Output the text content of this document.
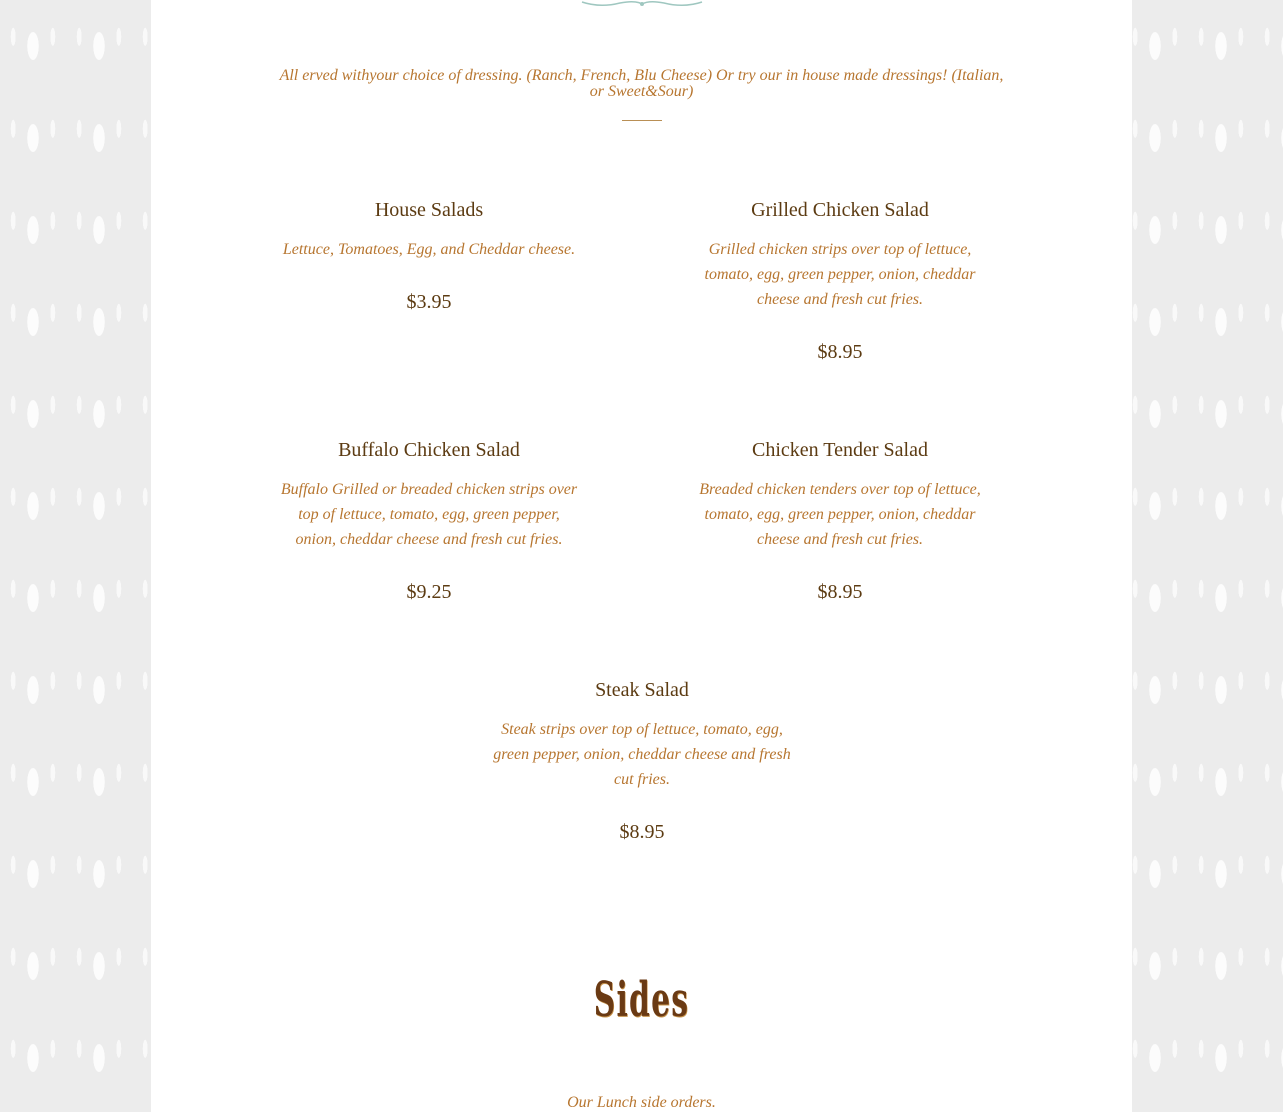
All erved withyour choice of dressing. (Ranch, French, Blu Cheese) Or try our in house made dressings! (Italian, or Sweet&Sour)
House Salads

Lettuce, Tomatoes, Egg, and Cheddar cheese.

$3.95
Grilled Chicken Salad

Grilled chicken strips over top of lettuce, tomato, egg, green pepper, onion, cheddar cheese and fresh cut fries.

$8.95
Buffalo Chicken Salad

Buffalo Grilled or breaded chicken strips over top of lettuce, tomato, egg, green pepper, onion, cheddar cheese and fresh cut fries.

$9.25
Chicken Tender Salad

Breaded chicken tenders over top of lettuce, tomato, egg, green pepper, onion, cheddar cheese and fresh cut fries.

$8.95
Steak Salad

Steak strips over top of lettuce, tomato, egg, green pepper, onion, cheddar cheese and fresh cut fries.

$8.95
Sides
Our Lunch side orders.
